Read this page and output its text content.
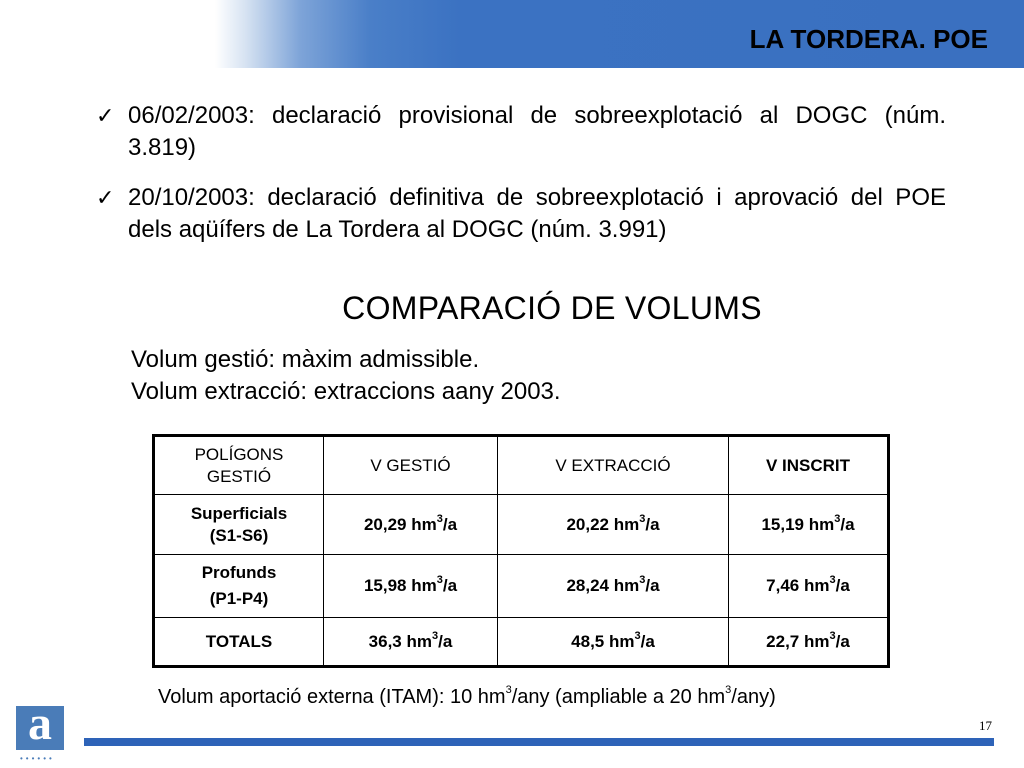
LA TORDERA. POE
✓ 06/02/2003: declaració provisional de sobreexplotació al DOGC (núm. 3.819)
✓ 20/10/2003: declaració definitiva de sobreexplotació i aprovació del POE dels aqüífers de La Tordera al DOGC (núm. 3.991)
COMPARACIÓ DE VOLUMS
Volum gestió: màxim admissible.
Volum extracció: extraccions aany 2003.
POLÍGONS
GESTIÓ	V GESTIÓ	V EXTRACCIÓ	V INSCRIT

Superficials
(S1-S6)	20,29 $hm^3/a$	20,22 $hm^3/a$	15,19 $hm^3/a$

Profunds
(P1-P4)	15,98 $hm^3/a$	28,24 $hm^3/a$	7,46 $hm^3/a$
TOTALS	36,3 $hm^3/a$	48,5 $hm^3/a$	22,7 $hm^3/a$
Volum aportació externa (ITAM): 10 $hm^3$/any (ampliable a 20 $hm^3/any$)
a
••••••
17
